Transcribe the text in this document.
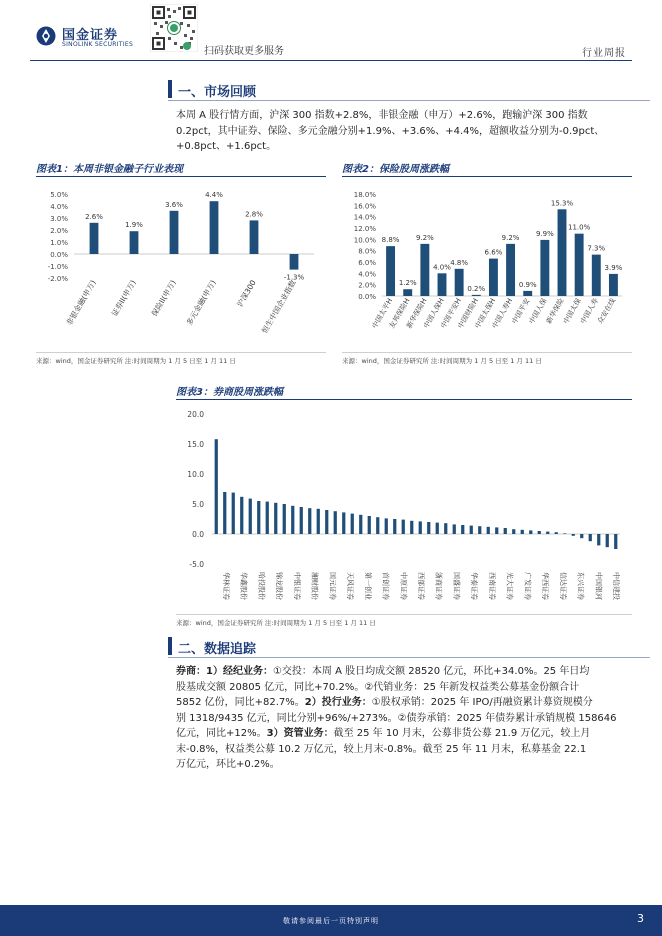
国金证券
SINOLINK SECURITIES
扫码获取更多服务	行业周报
一、市场回顾
本周 A 股行情方面，沪深 300 指数+2.8%，非银金融（申万）+2.6%，跑输沪深 300 指数
0.2pct，其中证券、保险、多元金融分别+1.9%、+3.6%、+4.4%，超额收益分别为-0.9pct、
+0.8pct、+1.6pct。
图表1：本周非银金融子行业表现
5.0%
4.0%
3.0%
2.0%
1.0%
0.0%
-1.0%
-2.0%
2.6%
非银金融(申万)
1.9%
证券II(申万)
3.6%
保险II(申万)
4.4%
多元金融(申万)
2.8%
沪深300
-1.3%
恒生中国企业指数
来源：wind，国金证券研究所 注:时间周期为 1 月 5 日至 1 月 11 日
图表2：保险股周涨跌幅
18.0%
16.0%
14.0%
12.0%
10.0%
8.0%
6.0%
4.0%
2.0%
0.0%
8.8%
中国太平H
1.2%
友邦保险H
9.2%
新华保险H
4.0%
中国人保H
4.8%
中国平安H
0.2%
中国财险H
6.6%
中国太保H
9.2%
中国人寿H
0.9%
中国平安
9.9%
中国人保
15.3%
新华保险
11.0%
中国太保
7.3%
中国人寿
3.9%
众安在线
来源：wind，国金证券研究所 注:时间周期为 1 月 5 日至 1 月 11 日
图表3：券商股周涨跌幅
20.0
15.0
10.0
5.0
0.0
-5.0
华林证券 华鑫股份 哈投股份 锦龙股份 中银证券 湘财股份 国元证券 天风证券 第一创业 首创证券 中原证券 西部证券 浙商证券 国盛证券 华泰证券 西南证券 光大证券 广发证券 华西证券 信达证券 东兴证券 中国银河 中信建投
来源：wind，国金证券研究所 注:时间周期为 1 月 5 日至 1 月 11 日
二、数据追踪
券商：1）经纪业务：①交投：本周 A 股日均成交额 28520 亿元，环比+34.0%。25 年日均
股基成交额 20805 亿元，同比+70.2%。②代销业务：25 年新发权益类公募基金份额合计
5852 亿份，同比+82.7%。2）投行业务：①股权承销：2025 年 IPO/再融资累计募资规模分
别 1318/9435 亿元，同比分别+96%/+273%。②债券承销：2025 年债券累计承销规模 158646
亿元，同比+12%。3）资管业务：截至 25 年 10 月末，公募非货公募 21.9 万亿元，较上月
末-0.8%，权益类公募 10.2 万亿元，较上月末-0.8%。截至 25 年 11 月末，私募基金 22.1
万亿元，环比+0.2%。
敬请参阅最后一页特别声明	3
